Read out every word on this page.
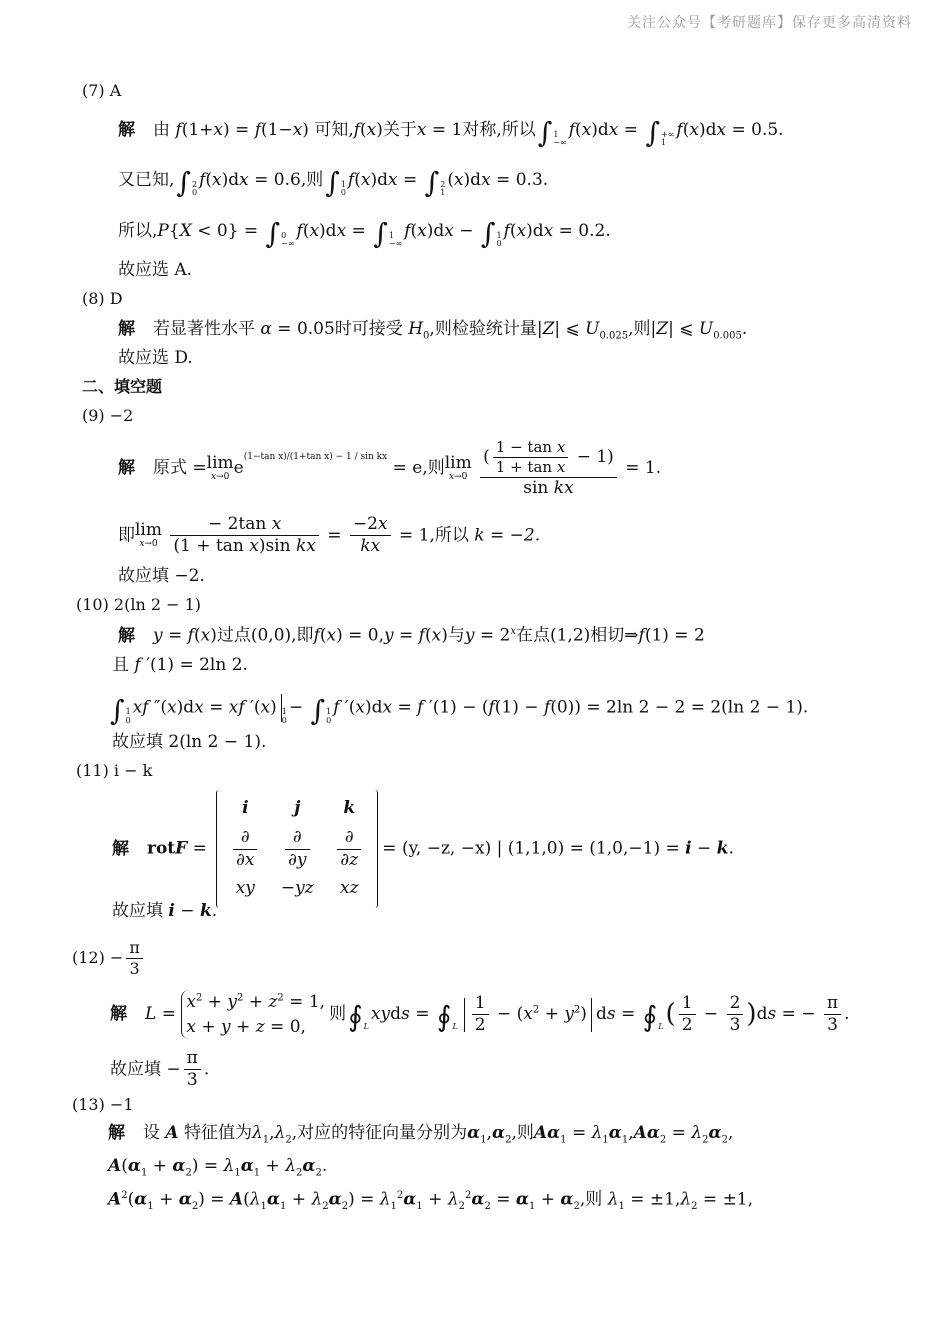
关注公众号【考研题库】保存更多高清资料
(7) A
解 由 f(1+x) = f(1−x) 可知,f(x)关于x = 1对称,所以∫1
−∞f(x)dx = ∫+∞
1f(x)dx = 0.5.
又已知,∫2
0f(x)dx = 0.6,则∫1
0f(x)dx = ∫2
1(x)dx = 0.3.
所以,P{X < 0} = ∫0
−∞f(x)dx = ∫1
−∞f(x)dx − ∫1
0f(x)dx = 0.2.
故应选 A.
(8) D
解 若显著性水平 α = 0.05时可接受 $H_0$,则检验统计量|Z| ⩽ $U_{0.025}$,则|Z| ⩽ $U_{0.005}$.
故应选 D.
二、填空题
(9) −2
解 原式 =lim
x→0 $e^{(1-tan x)/(1+tan x) - 1 / sin kx} = e$,则lim
x→0
$\frac{( \frac{\text{1 − tan x}}{\text{1 + tan x}} - 1)}{\text{sin kx}} = 1$.
即lim
x→0
$\frac{\text{− 2tan x}}{\text{(1 + tan x)sin kx}} = \frac{-2x}{kx} = 1$,所以 k = −2.
故应填 −2.
(10) 2(ln 2 − 1)
解 y = f(x)过点(0,0),即f(x) = 0,y = f(x)与$y = 2^x$在点(1,2)相切⇒f(1) = 2
且 f ′(1) = 2ln 2.
∫1
0xf ″(x)dx = xf ′(x) 1
0− ∫1
0f ′(x)dx = f ′(1) − (f(1) − f(0)) = 2ln 2 − 2 = 2(ln 2 − 1).
故应填 2(ln 2 − 1).
(11) i − k
解 rotF =
i	j	k
$\frac{\partial}{\partial x} \frac{\partial}{\partial y} \frac{\partial}{\partial z}$
xy	− yz xz
= (y, −z, −x) | (1,1,0) = (1,0,−1) = i − k.
故应填 i − k.
$(12) - \frac{\pi}{3}$
解 L =
$x^2 + y^2 + z^2 = 1$,
x + y + z = 0,
则∮
Lxyds = ∮
L $\frac{1}{2} - (x^2 + y^2)$ ds = ∮
$L( \frac{1}{2} - \frac{2}{3} )ds$ = − $\frac{\pi}{3}$ .
故应填 − $\frac{\pi}{3}$ .
(13) −1
解 设 A 特征值为$\lambda_1,\lambda_2$,对应的特征向量分别为$\alpha_1,\alpha_2$,则$A\alpha_1 = \lambda_1\alpha_1,A\alpha_2 = \lambda_2\alpha_2$,
$A(\alpha_1 + \alpha_2) = \lambda_1\alpha_1 + \lambda_2\alpha_2$.
$A^2(\alpha_1 + \alpha_2) = A(\lambda_1\alpha_1 + \lambda_2\alpha_2) = \lambda_1^2\alpha_1 + \lambda_2^2\alpha_2 = \alpha_1 + \alpha_2$,则 $\lambda_1 = \pm 1,\lambda_2 = \pm 1$,
